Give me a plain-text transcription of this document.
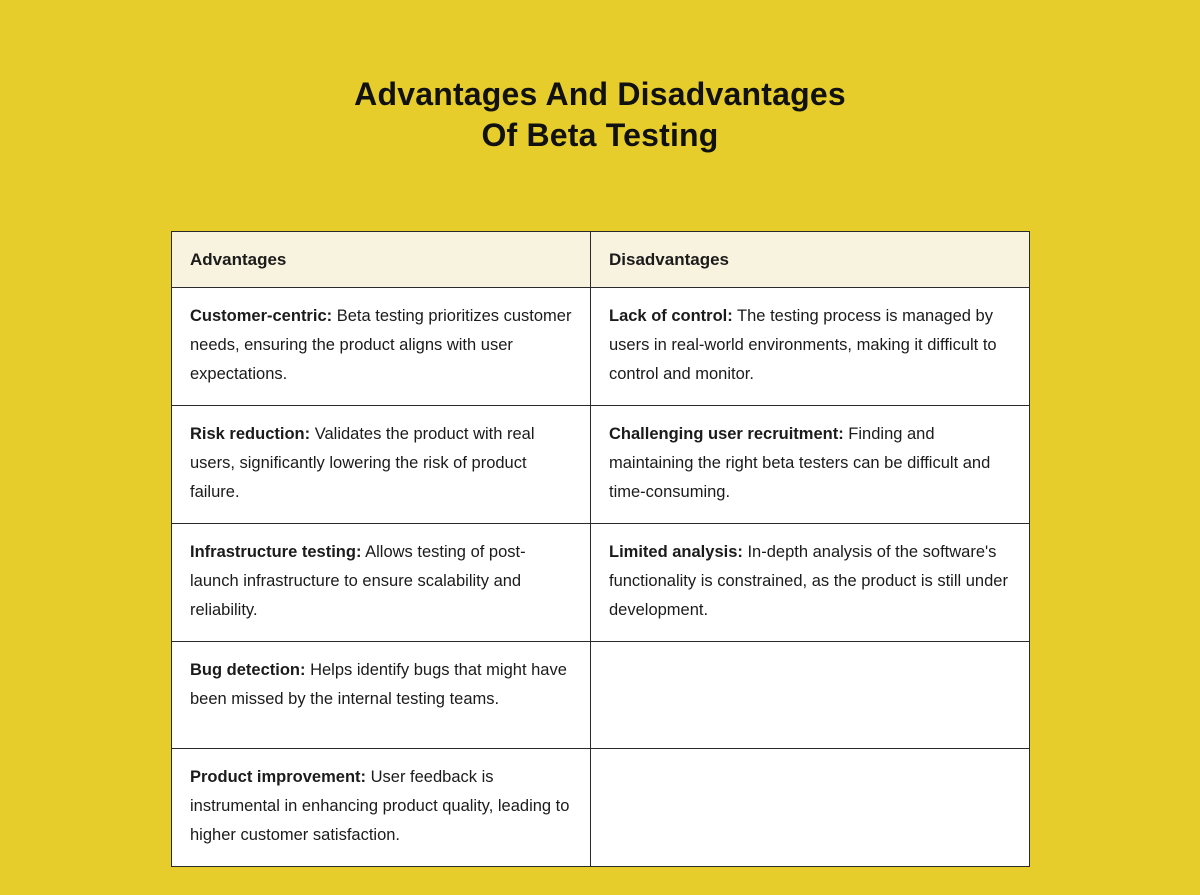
Advantages And Disadvantages
Of Beta Testing
Advantages	Disadvantages
Customer-centric: Beta testing prioritizes customer needs, ensuring the product aligns with user expectations.	Lack of control: The testing process is managed by users in real-world environments, making it difficult to control and monitor.
Risk reduction: Validates the product with real users, significantly lowering the risk of product failure.	Challenging user recruitment: Finding and maintaining the right beta testers can be difficult and time-consuming.
Infrastructure testing: Allows testing of post-launch infrastructure to ensure scalability and reliability.	Limited analysis: In-depth analysis of the software's functionality is constrained, as the product is still under development.
Bug detection: Helps identify bugs that might have been missed by the internal testing teams.	
Product improvement: User feedback is instrumental in enhancing product quality, leading to higher customer satisfaction.	
